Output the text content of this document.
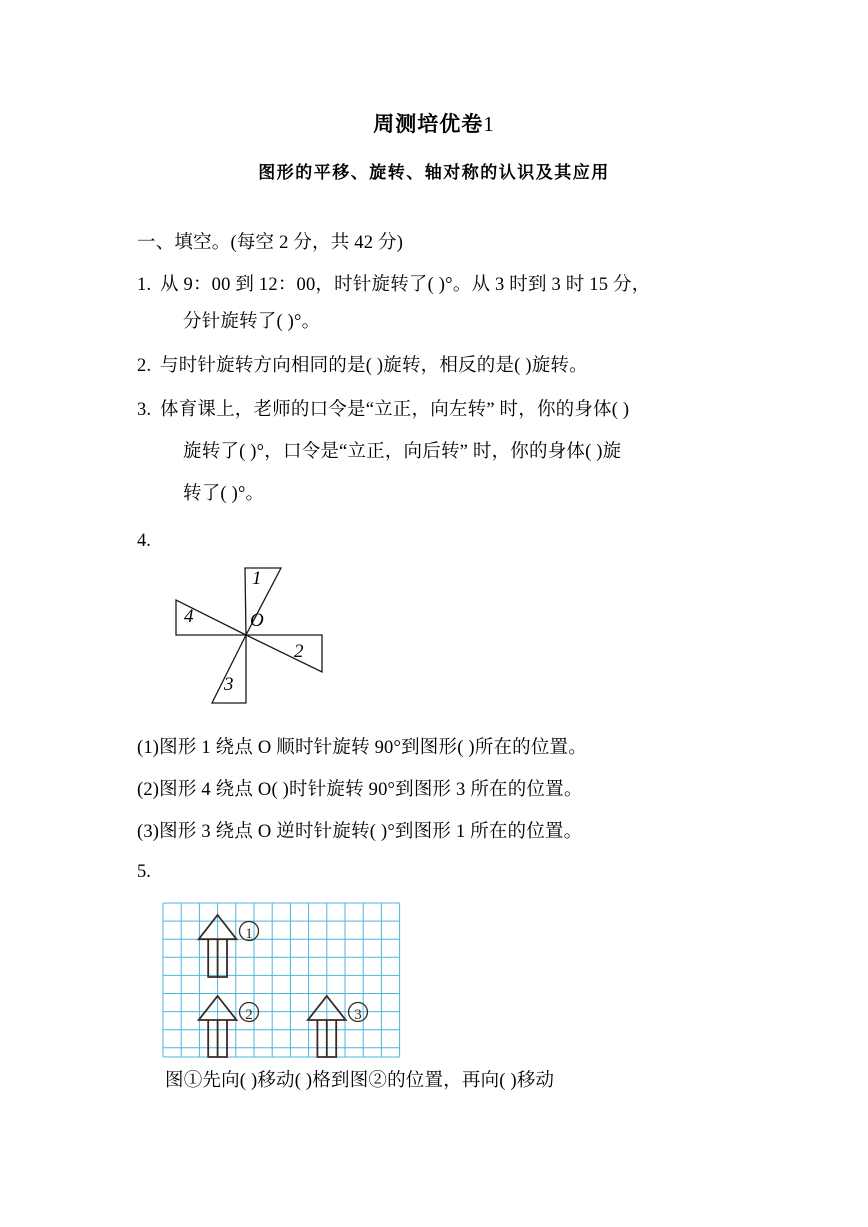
周测培优卷1
图形的平移、旋转、轴对称的认识及其应用
一、填空。(每空 2 分，共 42 分)
1. 从 9：00 到 12：00，时针旋转了( )°。从 3 时到 3 时 15 分，
分针旋转了( )°。
2. 与时针旋转方向相同的是( )旋转，相反的是( )旋转。
3. 体育课上，老师的口令是“立正，向左转” 时，你的身体( )
旋转了( )°，口令是“立正，向后转” 时，你的身体( )旋
转了( )°。
4.
1
2
3
4	O
(1)图形 1 绕点 O 顺时针旋转 90°到图形( )所在的位置。
(2)图形 4 绕点 O( )时针旋转 90°到图形 3 所在的位置。
(3)图形 3 绕点 O 逆时针旋转( )°到图形 1 所在的位置。
5.
1
2	3
图①先向( )移动( )格到图②的位置，再向( )移动
